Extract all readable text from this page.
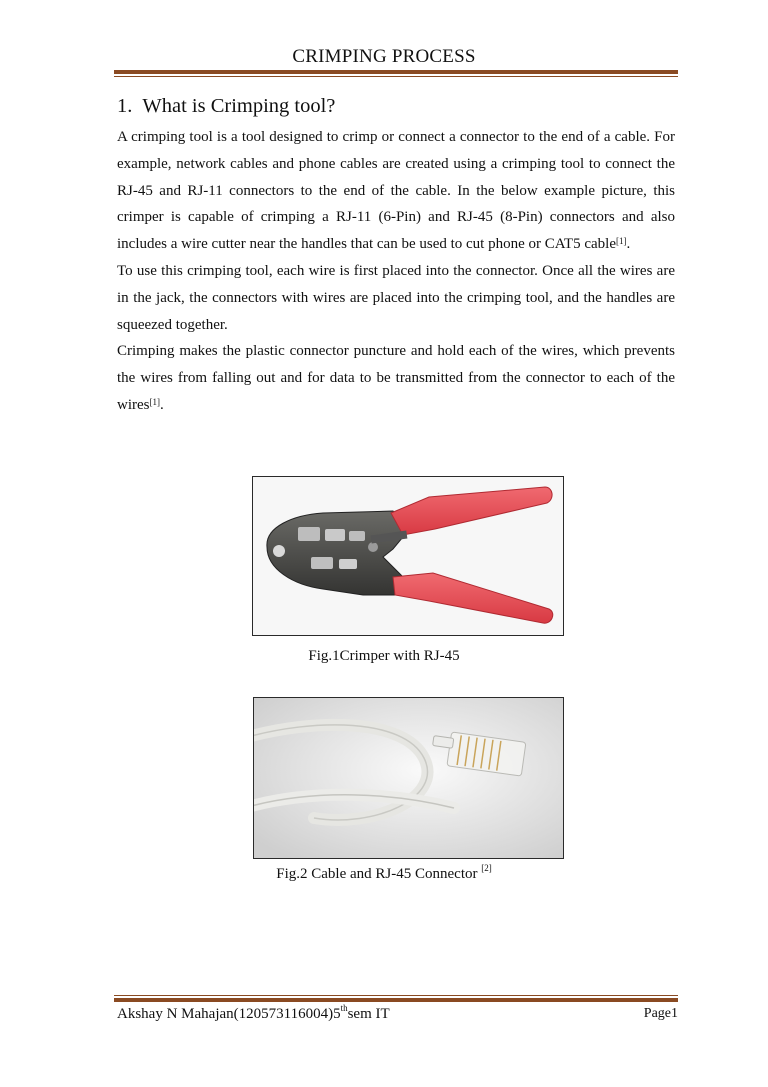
CRIMPING PROCESS
1. What is Crimping tool?

A crimping tool is a tool designed to crimp or connect a connector to the end of a cable. For example, network cables and phone cables are created using a crimping tool to connect the RJ-45 and RJ-11 connectors to the end of the cable. In the below example picture, this crimper is capable of crimping a RJ-11 (6-Pin) and RJ-45 (8-Pin) connectors and also includes a wire cutter near the handles that can be used to cut phone or CAT5 cable[1].

To use this crimping tool, each wire is first placed into the connector. Once all the wires are in the jack, the connectors with wires are placed into the crimping tool, and the handles are squeezed together.

Crimping makes the plastic connector puncture and hold each of the wires, which prevents the wires from falling out and for data to be transmitted from the connector to each of the wires[1].

Fig.1Crimper with RJ-45
Fig.2 Cable and RJ-45 Connector [2]
Akshay N Mahajan(120573116004)5thsem IT	Page1
